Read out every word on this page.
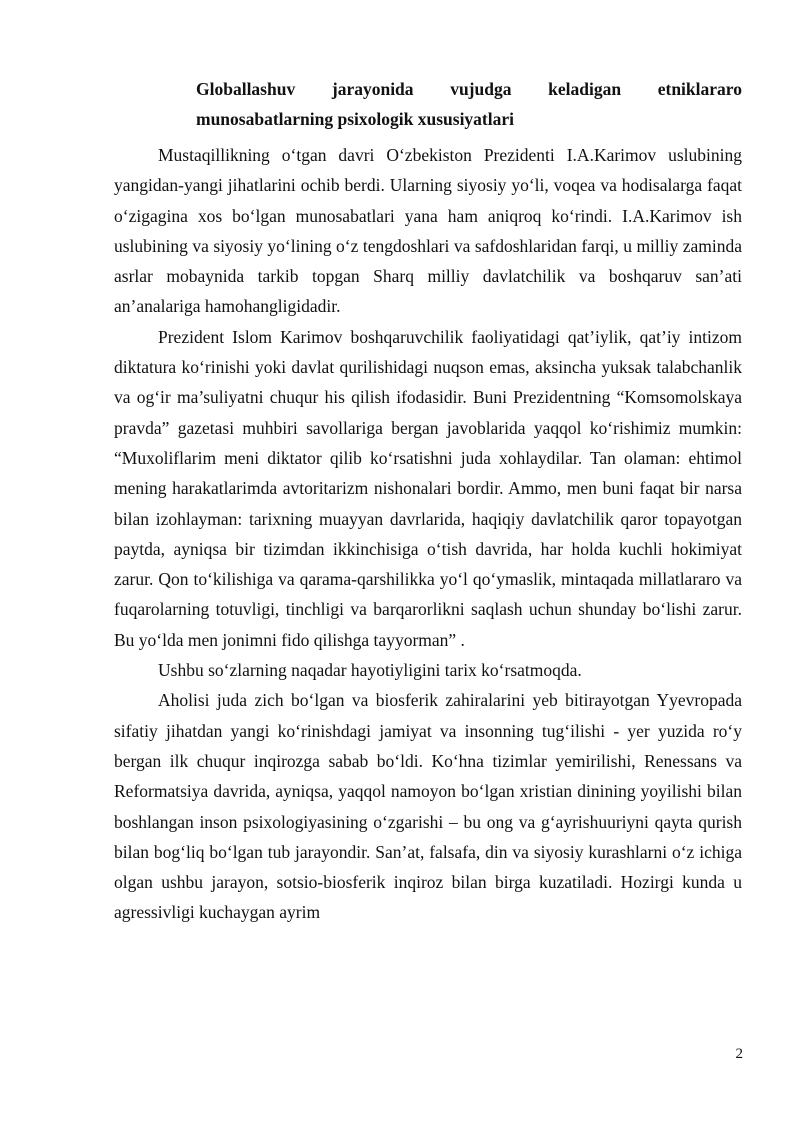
Globallashuv jarayonida vujudga keladigan etniklararo
munosabatlarning psixologik xususiyatlari

Mustaqillikning o‘tgan davri O‘zbekiston Prezidenti I.A.Karimov uslubining yangidan-yangi jihatlarini ochib berdi. Ularning siyosiy yo‘li, voqea va hodisalarga faqat o‘zigagina xos bo‘lgan munosabatlari yana ham aniqroq ko‘rindi. I.A.Karimov ish uslubining va siyosiy yo‘lining o‘z tengdoshlari va safdoshlaridan farqi, u milliy zaminda asrlar mobaynida tarkib topgan Sharq milliy davlatchilik va boshqaruv san’ati an’analariga hamohangligidadir.

Prezident Islom Karimov boshqaruvchilik faoliyatidagi qat’iylik, qat’iy intizom diktatura ko‘rinishi yoki davlat qurilishidagi nuqson emas, aksincha yuksak talabchanlik va og‘ir ma’suliyatni chuqur his qilish ifodasidir. Buni Prezidentning “Komsomolskaya pravda” gazetasi muhbiri savollariga bergan javoblarida yaqqol ko‘rishimiz mumkin: “Muxoliflarim meni diktator qilib ko‘rsatishni juda xohlaydilar. Tan olaman: ehtimol mening harakatlarimda avtoritarizm nishonalari bordir. Ammo, men buni faqat bir narsa bilan izohlayman: tarixning muayyan davrlarida, haqiqiy davlatchilik qaror topayotgan paytda, ayniqsa bir tizimdan ikkinchisiga o‘tish davrida, har holda kuchli hokimiyat zarur. Qon to‘kilishiga va qarama-qarshilikka yo‘l qo‘ymaslik, mintaqada millatlararo va fuqarolarning totuvligi, tinchligi va barqarorlikni saqlash uchun shunday bo‘lishi zarur. Bu yo‘lda men jonimni fido qilishga tayyorman” .

Ushbu so‘zlarning naqadar hayotiyligini tarix ko‘rsatmoqda.

Aholisi juda zich bo‘lgan va biosferik zahiralarini yeb bitirayotgan Yyevropada sifatiy jihatdan yangi ko‘rinishdagi jamiyat va insonning tug‘ilishi - yer yuzida ro‘y bergan ilk chuqur inqirozga sabab bo‘ldi. Ko‘hna tizimlar yemirilishi, Renessans va Reformatsiya davrida, ayniqsa, yaqqol namoyon bo‘lgan xristian dinining yoyilishi bilan boshlangan inson psixologiyasining o‘zgarishi – bu ong va g‘ayrishuuriyni qayta qurish bilan bog‘liq bo‘lgan tub jarayondir. San’at, falsafa, din va siyosiy kurashlarni o‘z ichiga olgan ushbu jarayon, sotsio-biosferik inqiroz bilan birga kuzatiladi. Hozirgi kunda u agressivligi kuchaygan ayrim

2
